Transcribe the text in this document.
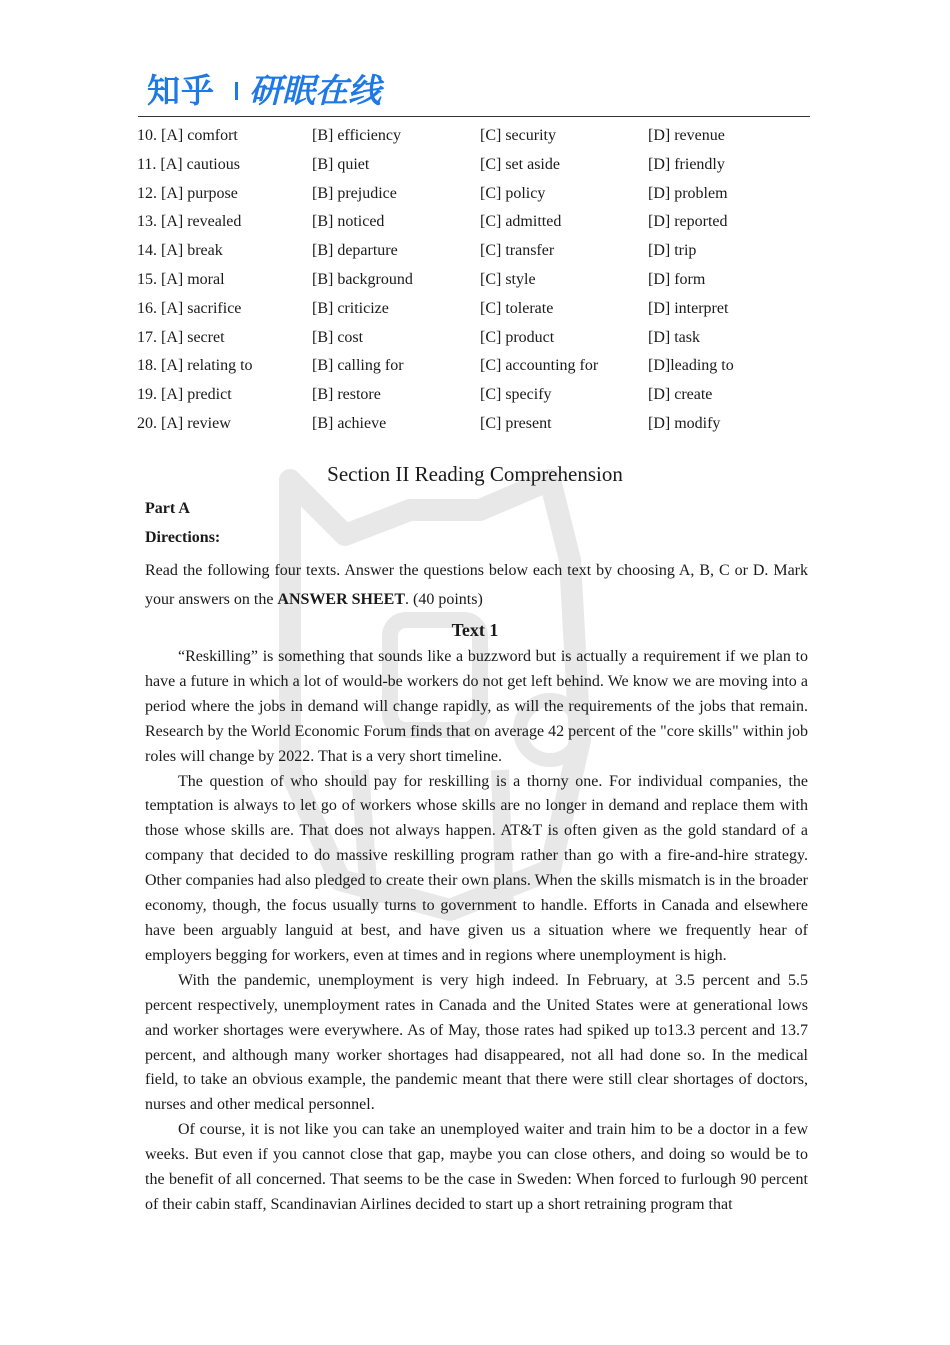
知乎 研眠在线
10. [A] comfort	[B] efficiency	[C] security	[D] revenue
11. [A] cautious	[B] quiet	[C] set aside	[D] friendly
12. [A] purpose	[B] prejudice	[C] policy	[D] problem
13. [A] revealed	[B] noticed	[C] admitted	[D] reported
14. [A] break	[B] departure	[C] transfer	[D] trip
15. [A] moral	[B] background	[C] style	[D] form
16. [A] sacrifice	[B] criticize	[C] tolerate	[D] interpret
17. [A] secret	[B] cost	[C] product	[D] task
18. [A] relating to	[B] calling for	[C] accounting for	[D]leading to
19. [A] predict	[B] restore	[C] specify	[D] create
20. [A] review	[B] achieve	[C] present	[D] modify
Section II Reading Comprehension
Part A
Directions:
Read the following four texts. Answer the questions below each text by choosing A, B, C or D. Mark your answers on the ANSWER SHEET. (40 points)
Text 1

“Reskilling” is something that sounds like a buzzword but is actually a requirement if we plan to have a future in which a lot of would-be workers do not get left behind. We know we are moving into a period where the jobs in demand will change rapidly, as will the requirements of the jobs that remain. Research by the World Economic Forum finds that on average 42 percent of the "core skills" within job roles will change by 2022. That is a very short timeline.

The question of who should pay for reskilling is a thorny one. For individual companies, the temptation is always to let go of workers whose skills are no longer in demand and replace them with those whose skills are. That does not always happen. AT&T is often given as the gold standard of a company that decided to do massive reskilling program rather than go with a fire-and-hire strategy. Other companies had also pledged to create their own plans. When the skills mismatch is in the broader economy, though, the focus usually turns to government to handle. Efforts in Canada and elsewhere have been arguably languid at best, and have given us a situation where we frequently hear of employers begging for workers, even at times and in regions where unemployment is high.

With the pandemic, unemployment is very high indeed. In February, at 3.5 percent and 5.5 percent respectively, unemployment rates in Canada and the United States were at generational lows and worker shortages were everywhere. As of May, those rates had spiked up to13.3 percent and 13.7 percent, and although many worker shortages had disappeared, not all had done so. In the medical field, to take an obvious example, the pandemic meant that there were still clear shortages of doctors, nurses and other medical personnel.

Of course, it is not like you can take an unemployed waiter and train him to be a doctor in a few weeks. But even if you cannot close that gap, maybe you can close others, and doing so would be to the benefit of all concerned. That seems to be the case in Sweden: When forced to furlough 90 percent of their cabin staff, Scandinavian Airlines decided to start up a short retraining program that
